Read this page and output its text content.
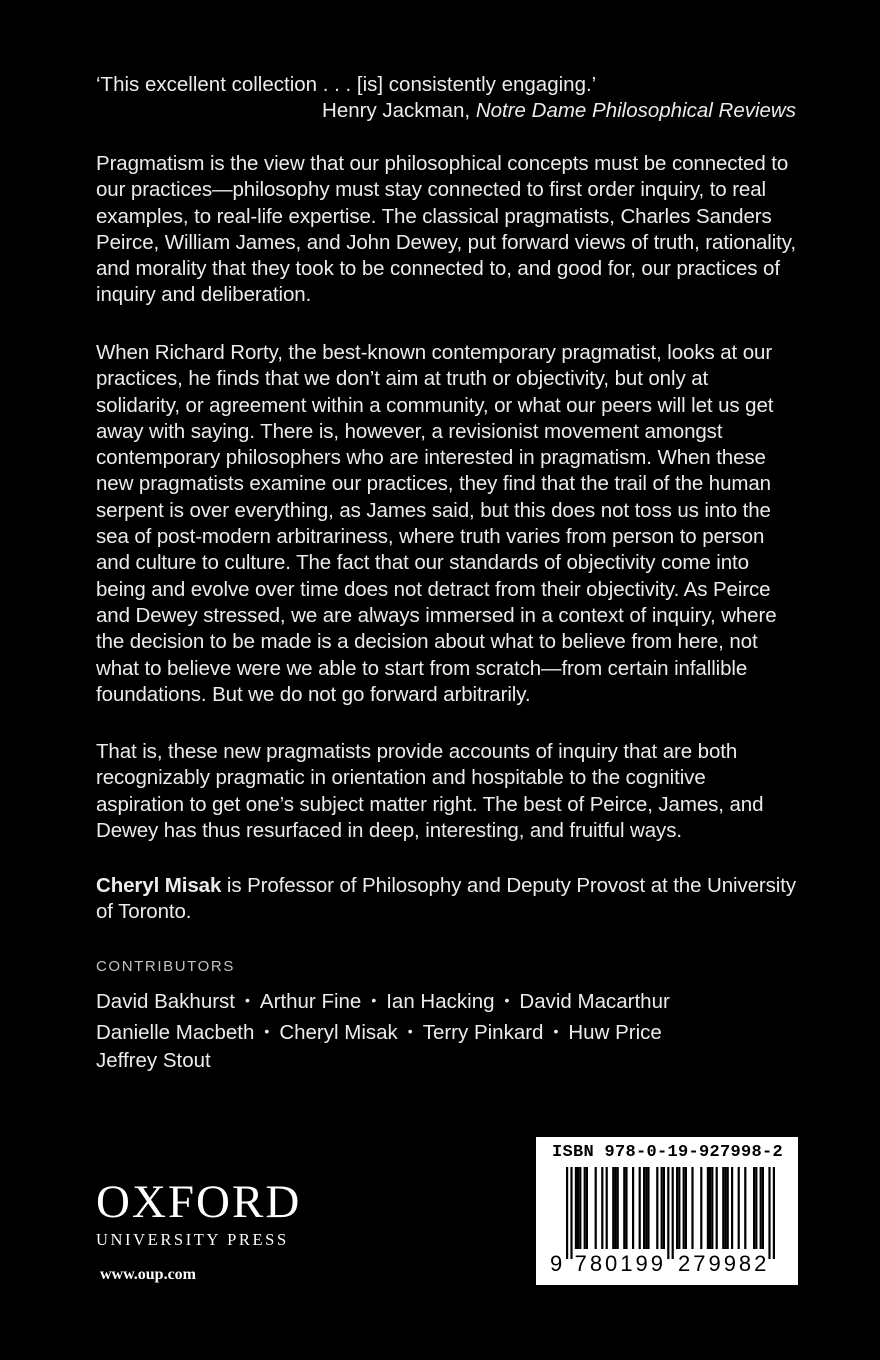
‘This excellent collection . . . [is] consistently engaging.’
Henry Jackman, Notre Dame Philosophical Reviews

Pragmatism is the view that our philosophical concepts must be connected to our practices—philosophy must stay connected to first order inquiry, to real examples, to real-life expertise. The classical pragmatists, Charles Sanders Peirce, William James, and John Dewey, put forward views of truth, rationality, and morality that they took to be connected to, and good for, our practices of inquiry and deliberation.

When Richard Rorty, the best-known contemporary pragmatist, looks at our practices, he finds that we don’t aim at truth or objectivity, but only at solidarity, or agreement within a community, or what our peers will let us get away with saying. There is, however, a revisionist movement amongst contemporary philosophers who are interested in pragmatism. When these new pragmatists examine our practices, they find that the trail of the human serpent is over everything, as James said, but this does not toss us into the sea of post-modern arbitrariness, where truth varies from person to person and culture to culture. The fact that our standards of objectivity come into being and evolve over time does not detract from their objectivity. As Peirce and Dewey stressed, we are always immersed in a context of inquiry, where the decision to be made is a decision about what to believe from here, not what to believe were we able to start from scratch—from certain infallible foundations. But we do not go forward arbitrarily.

That is, these new pragmatists provide accounts of inquiry that are both recognizably pragmatic in orientation and hospitable to the cognitive aspiration to get one’s subject matter right. The best of Peirce, James, and Dewey has thus resurfaced in deep, interesting, and fruitful ways.

Cheryl Misak is Professor of Philosophy and Deputy Provost at the University of Toronto.

CONTRIBUTORS
David Bakhurst • Arthur Fine • Ian Hacking • David Macarthur
Danielle Macbeth • Cheryl Misak • Terry Pinkard • Huw Price
Jeffrey Stout
OXFORD
UNIVERSITY PRESS
www.oup.com	9 780199 279982
ISBN 978-0-19-927998-2
